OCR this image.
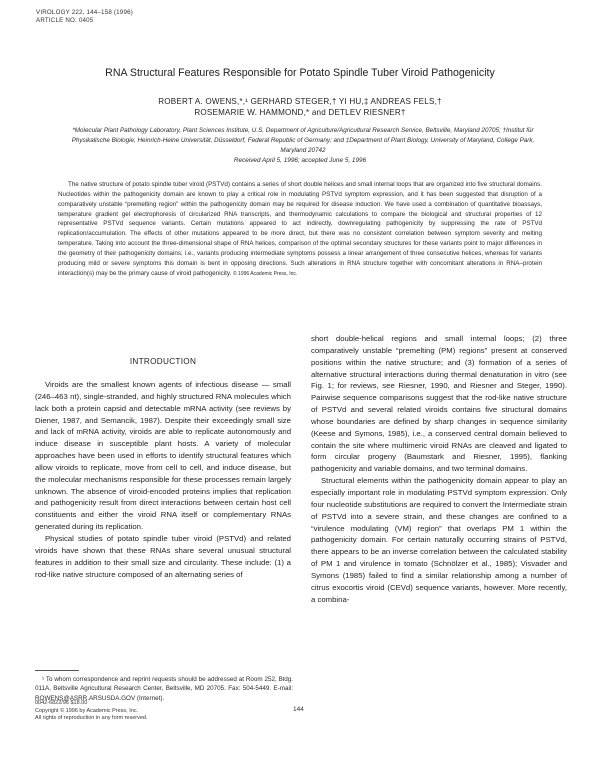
VIROLOGY 222, 144–158 (1996)
ARTICLE NO. 0405
RNA Structural Features Responsible for Potato Spindle Tuber Viroid Pathogenicity
ROBERT A. OWENS,*,¹ GERHARD STEGER,† YI HU,‡ ANDREAS FELS,†
ROSEMARIE W. HAMMOND,* and DETLEV RIESNER†
*Molecular Plant Pathology Laboratory, Plant Sciences Institute, U.S. Department of Agriculture/Agricultural Research Service, Beltsville, Maryland 20705; †Institut für Physikalische Biologie, Heinrich-Heine Universität, Düsseldorf, Federal Republic of Germany; and ‡Department of Plant Biology, University of Maryland, College Park, Maryland 20742
Received April 5, 1996; accepted June 5, 1996
The native structure of potato spindle tuber viroid (PSTVd) contains a series of short double helices and small internal loops that are organized into five structural domains. Nucleotides within the pathogenicity domain are known to play a critical role in modulating PSTVd symptom expression, and it has been suggested that disruption of a comparatively unstable “premelting region” within the pathogenicity domain may be required for disease induction. We have used a combination of quantitative bioassays, temperature gradient gel electrophoresis of circularized RNA transcripts, and thermodynamic calculations to compare the biological and structural properties of 12 representative PSTVd sequence variants. Certain mutations appeared to act indirectly, downregulating pathogenicity by suppressing the rate of PSTVd replication/accumulation. The effects of other mutations appeared to be more direct, but there was no consistent correlation between symptom severity and melting temperature. Taking into account the three-dimensional shape of RNA helices, comparison of the optimal secondary structures for these variants point to major differences in the geometry of their pathogenicity domains; i.e., variants producing intermediate symptoms possess a linear arrangement of three consecutive helices, whereas for variants producing mild or severe symptoms this domain is bent in opposing directions. Such alterations in RNA structure together with concomitant alterations in RNA–protein interaction(s) may be the primary cause of viroid pathogenicity. © 1996 Academic Press, Inc.
INTRODUCTION

Viroids are the smallest known agents of infectious disease — small (246–463 nt), single-stranded, and highly structured RNA molecules which lack both a protein capsid and detectable mRNA activity (see reviews by Diener, 1987, and Semancik, 1987). Despite their exceedingly small size and lack of mRNA activity, viroids are able to replicate autonomously and induce disease in susceptible plant hosts. A variety of molecular approaches have been used in efforts to identify structural features which allow viroids to replicate, move from cell to cell, and induce disease, but the molecular mechanisms responsible for these processes remain largely unknown. The absence of viroid-encoded proteins implies that replication and pathogenicity result from direct interactions between certain host cell constituents and either the viroid RNA itself or complementary RNAs generated during its replication.

Physical studies of potato spindle tuber viroid (PSTVd) and related viroids have shown that these RNAs share several unusual structural features in addition to their small size and circularity. These include: (1) a rod-like native structure composed of an alternating series of

short double-helical regions and small internal loops; (2) three comparatively unstable “premelting (PM) regions” present at conserved positions within the native structure; and (3) formation of a series of alternative structural interactions during thermal denaturation in vitro (see Fig. 1; for reviews, see Riesner, 1990, and Riesner and Steger, 1990). Pairwise sequence comparisons suggest that the rod-like native structure of PSTVd and several related viroids contains five structural domains whose boundaries are defined by sharp changes in sequence similarity (Keese and Symons, 1985), i.e., a conserved central domain believed to contain the site where multimeric viroid RNAs are cleaved and ligated to form circular progeny (Baumstark and Riesner, 1995), flanking pathogenicity and variable domains, and two terminal domains.

Structural elements within the pathogenicity domain appear to play an especially important role in modulating PSTVd symptom expression. Only four nucleotide substitutions are required to convert the Intermediate strain of PSTVd into a severe strain, and these changes are confined to a “virulence modulating (VM) region” that overlaps PM 1 within the pathogenicity domain. For certain naturally occurring strains of PSTVd, there appears to be an inverse correlation between the calculated stability of PM 1 and virulence in tomato (Schnölzer et al., 1985); Visvader and Symons (1985) failed to find a similar relationship among a number of citrus exocortis viroid (CEVd) sequence variants, however. More recently, a combina-

¹ To whom correspondence and reprint requests should be addressed at Room 252, Bldg. 011A, Beltsville Agricultural Research Center, Beltsville, MD 20705. Fax: 504-5449. E-mail: ROWENS@ASRR.ARSUSDA.GOV (Internet).
0042-6822/96 $18.00
Copyright © 1996 by Academic Press, Inc.
All rights of reproduction in any form reserved.
144
